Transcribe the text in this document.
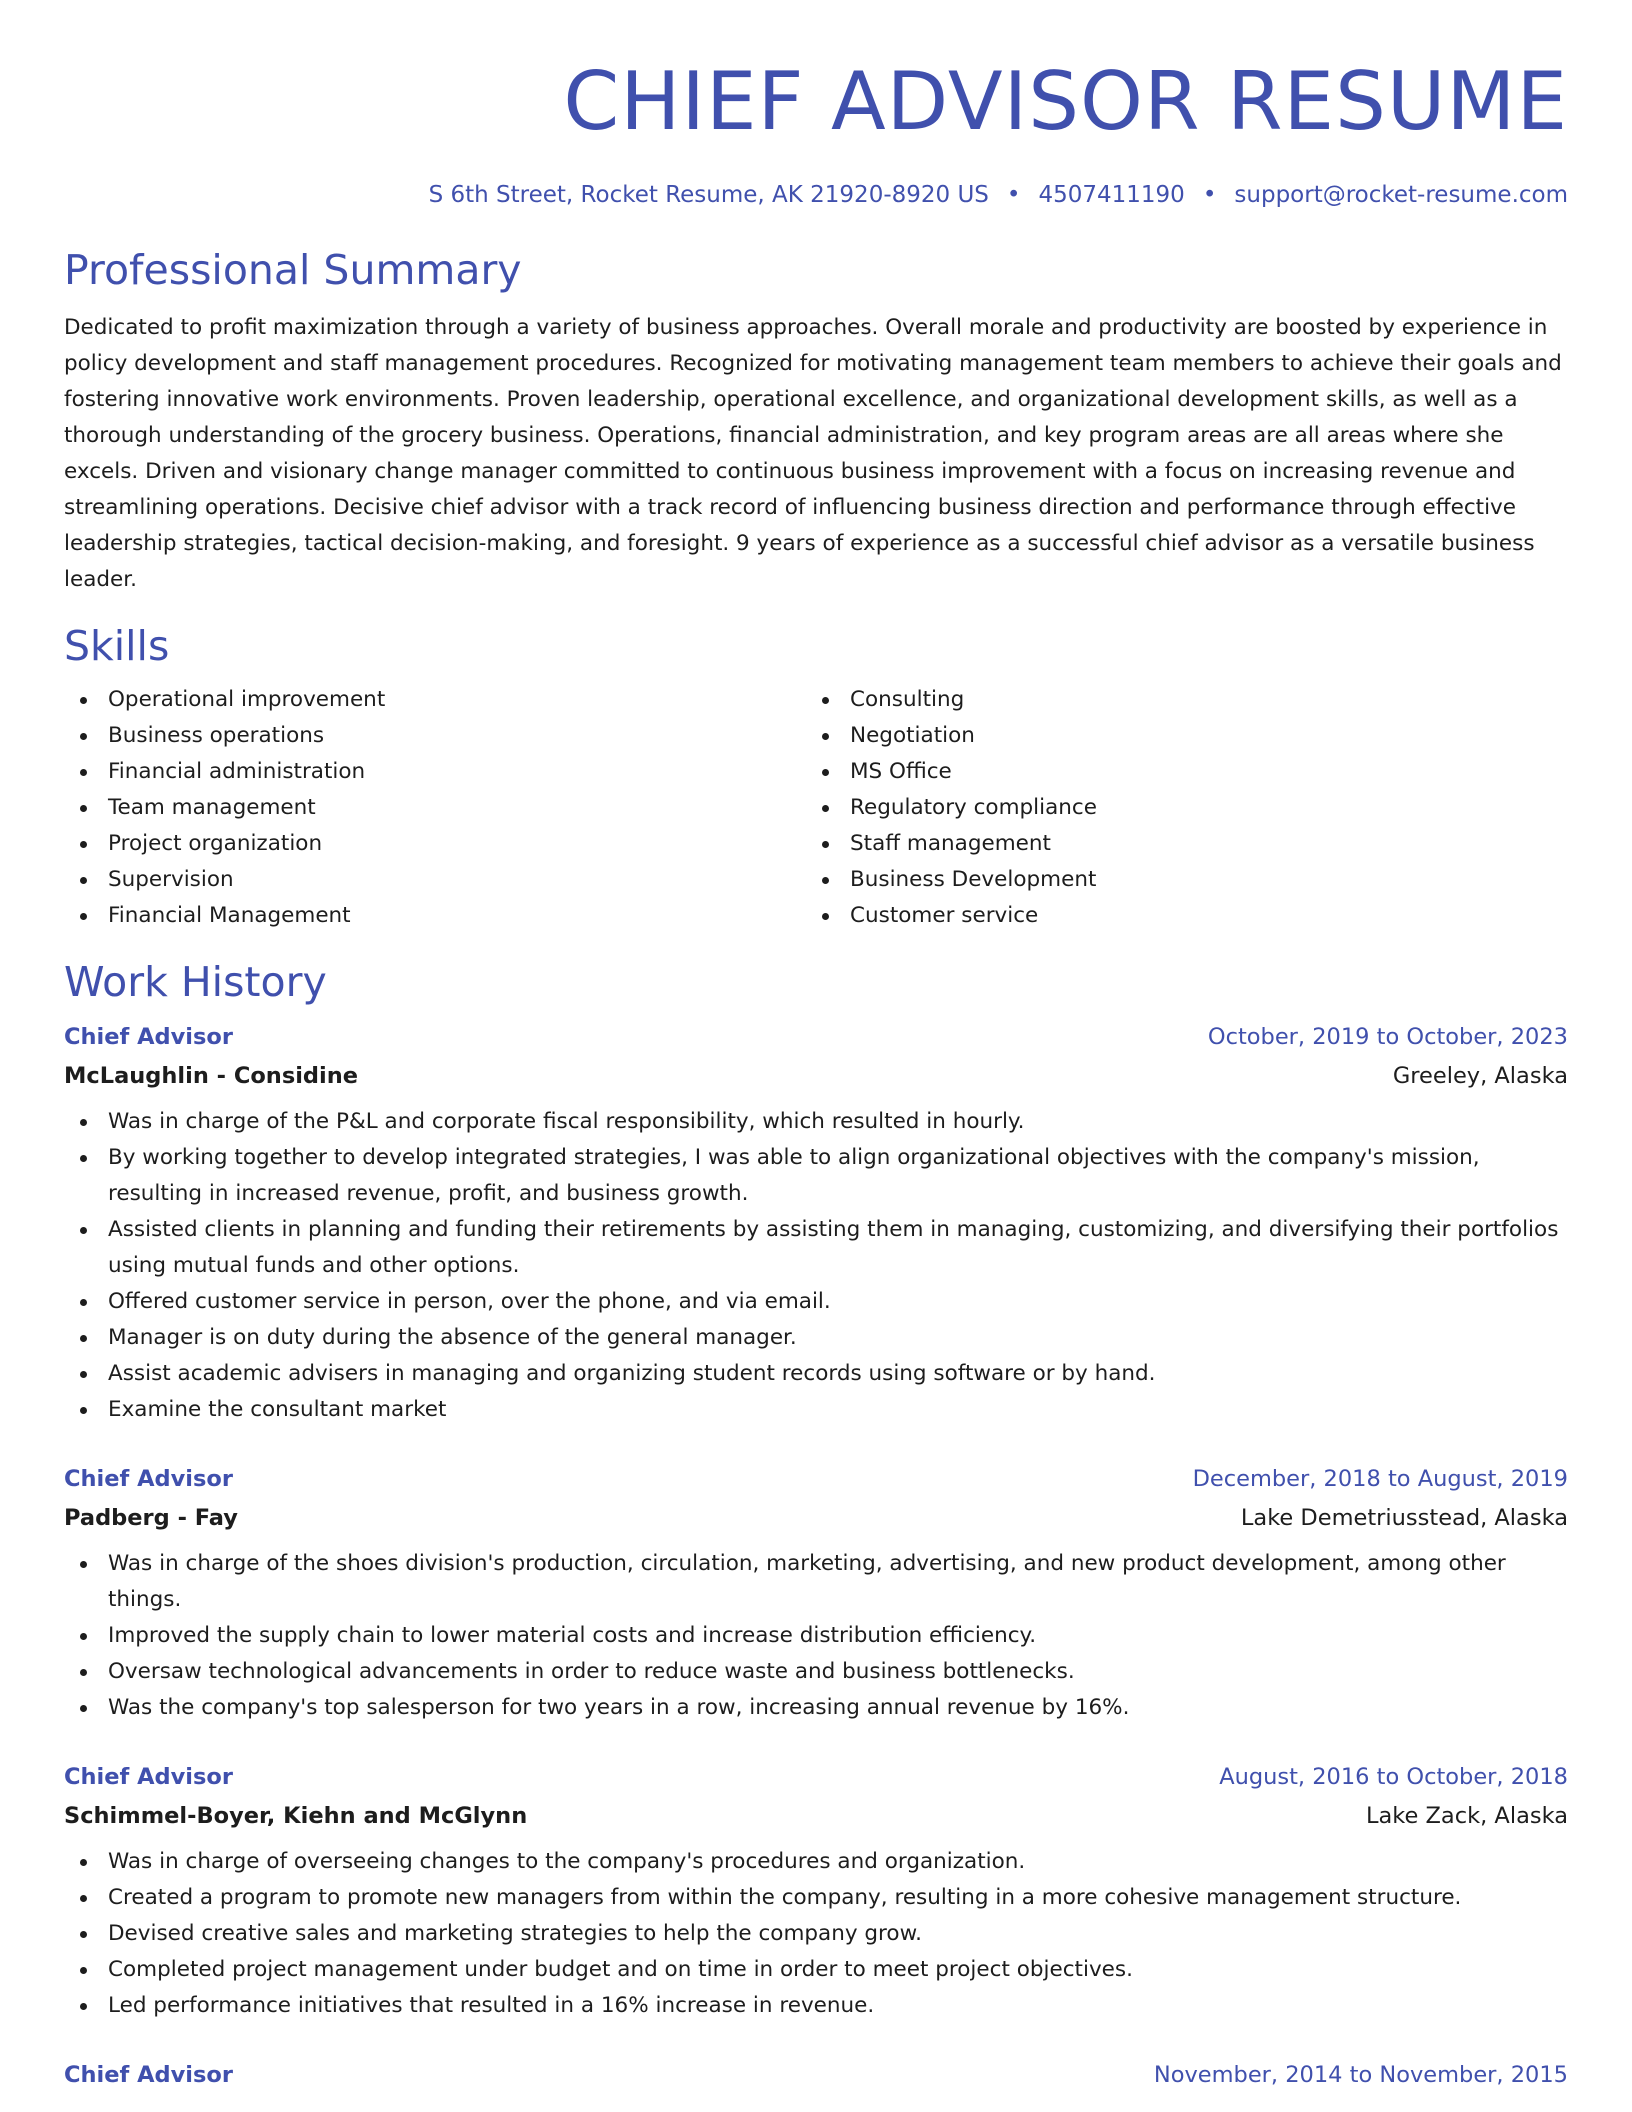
CHIEF ADVISOR RESUME
S 6th Street, Rocket Resume, AK 21920-8920 US • 4507411190 • support@rocket-resume.com
Professional Summary

Dedicated to profit maximization through a variety of business approaches. Overall morale and productivity are boosted by experience in policy development and staff management procedures. Recognized for motivating management team members to achieve their goals and fostering innovative work environments. Proven leadership, operational excellence, and organizational development skills, as well as a thorough understanding of the grocery business. Operations, financial administration, and key program areas are all areas where she excels. Driven and visionary change manager committed to continuous business improvement with a focus on increasing revenue and streamlining operations. Decisive chief advisor with a track record of influencing business direction and performance through effective leadership strategies, tactical decision-making, and foresight. 9 years of experience as a successful chief advisor as a versatile business leader.

Skills
Operational improvement
Business operations
Financial administration
Team management
Project organization
Supervision
Financial Management
Consulting
Negotiation
MS Office
Regulatory compliance
Staff management
Business Development
Customer service
Work History
Chief Advisor	October, 2019 to October, 2023
McLaughlin - Considine	Greeley, Alaska
Was in charge of the P&L and corporate fiscal responsibility, which resulted in hourly.
By working together to develop integrated strategies, I was able to align organizational objectives with the company's mission, resulting in increased revenue, profit, and business growth.
Assisted clients in planning and funding their retirements by assisting them in managing, customizing, and diversifying their portfolios using mutual funds and other options.
Offered customer service in person, over the phone, and via email.
Manager is on duty during the absence of the general manager.
Assist academic advisers in managing and organizing student records using software or by hand.
Examine the consultant market
Chief Advisor	December, 2018 to August, 2019
Padberg - Fay	Lake Demetriusstead, Alaska
Was in charge of the shoes division's production, circulation, marketing, advertising, and new product development, among other things.
Improved the supply chain to lower material costs and increase distribution efficiency.
Oversaw technological advancements in order to reduce waste and business bottlenecks.
Was the company's top salesperson for two years in a row, increasing annual revenue by 16%.
Chief Advisor	August, 2016 to October, 2018
Schimmel-Boyer, Kiehn and McGlynn	Lake Zack, Alaska
Was in charge of overseeing changes to the company's procedures and organization.
Created a program to promote new managers from within the company, resulting in a more cohesive management structure.
Devised creative sales and marketing strategies to help the company grow.
Completed project management under budget and on time in order to meet project objectives.
Led performance initiatives that resulted in a 16% increase in revenue.
Chief Advisor	November, 2014 to November, 2015
